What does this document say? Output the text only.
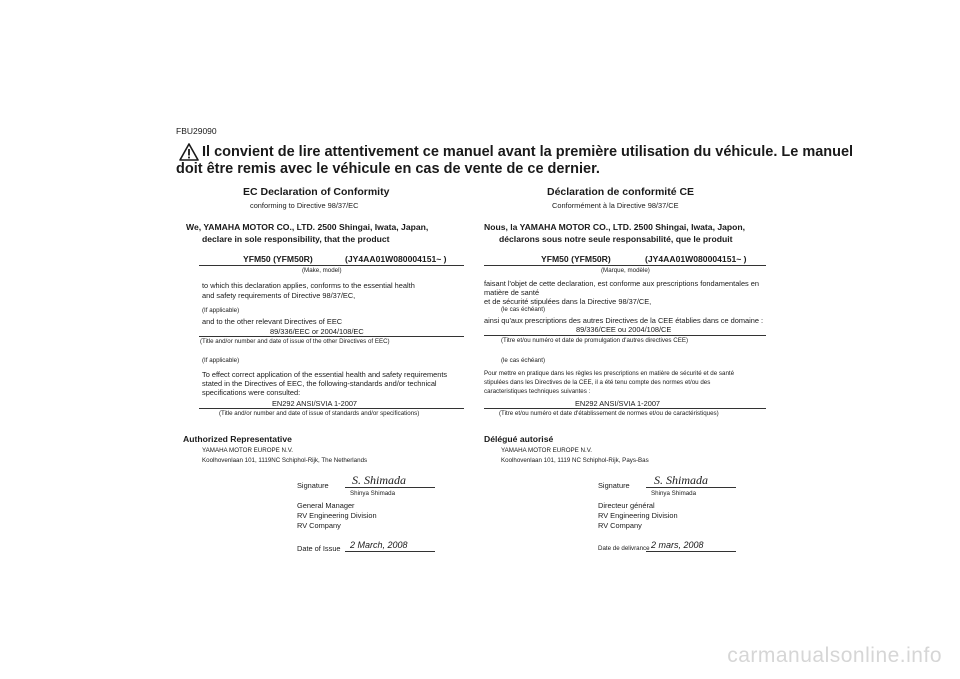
FBU29090
Il convient de lire attentivement ce manuel avant la première utilisation du véhicule. Le manuel
doit être remis avec le véhicule en cas de vente de ce dernier.
EC Declaration of Conformity
conforming to Directive 98/37/EC
We, YAMAHA MOTOR CO., LTD. 2500 Shingai, Iwata, Japan,
declare in sole responsibility, that the product
YFM50 (YFM50R)	(JY4AA01W080004151~ )
(Make, model)
to which this declaration applies, conforms to the essential health
and safety requirements of Directive 98/37/EC,
(If applicable)
and to the other relevant Directives of EEC
89/336/EEC or 2004/108/EC
(Title and/or number and date of issue of the other Directives of EEC)
(If applicable)
To effect correct application of the essential health and safety requirements
stated in the Directives of EEC, the following-standards and/or technical
specifications were consulted:
EN292 ANSI/SVIA 1-2007
(Title and/or number and date of issue of standards and/or specifications)
Authorized Representative
YAMAHA MOTOR EUROPE N.V.
Koolhovenlaan 101, 1119NC Schiphol-Rijk, The Netherlands
Signature S. Shimada
Shinya Shimada
General Manager
RV Engineering Division
RV Company
Date of Issue 2 March, 2008
Déclaration de conformité CE
Conformément à la Directive 98/37/CE
Nous, la YAMAHA MOTOR CO., LTD. 2500 Shingai, Iwata, Japon,
déclarons sous notre seule responsabilité, que le produit
YFM50 (YFM50R)	(JY4AA01W080004151~ )
(Marque, modèle)
faisant l'objet de cette declaration, est conforme aux prescriptions fondamentales en
matière de santé
et de sécurité stipulées dans la Directive 98/37/CE,
(le cas échéant)
ainsi qu'aux prescriptions des autres Directives de la CEE établies dans ce domaine :
89/336/CEE ou 2004/108/CE
(Titre et/ou numéro et date de promulgation d'autres directives CEE)
(le cas échéant)
Pour mettre en pratique dans les règles les prescriptions en matière de sécurité et de santé
stipulées dans les Directives de la CEE, il a été tenu compte des normes et/ou des
caracteristiques techniques suivantes :
EN292 ANSI/SVIA 1-2007
(Titre et/ou numéro et date d'établissement de normes et/ou de caractéristiques)
Délégué autorisé
YAMAHA MOTOR EUROPE N.V.
Koolhovenlaan 101, 1119 NC Schiphol-Rijk, Pays-Bas
Signature S. Shimada
Shinya Shimada
Directeur général
RV Engineering Division
RV Company
Date de delivrance 2 mars, 2008
carmanualsonline.info
